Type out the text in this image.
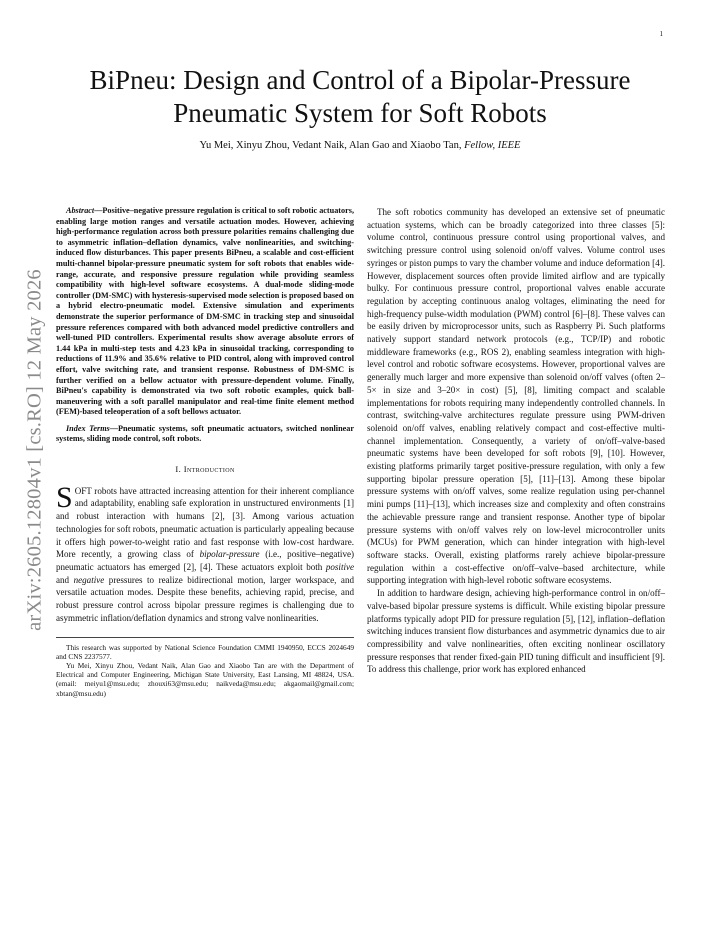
1
arXiv:2605.12804v1 [cs.RO] 12 May 2026
BiPneu: Design and Control of a Bipolar-Pressure Pneumatic System for Soft Robots
Yu Mei, Xinyu Zhou, Vedant Naik, Alan Gao and Xiaobo Tan, Fellow, IEEE

Abstract—Positive–negative pressure regulation is critical to soft robotic actuators, enabling large motion ranges and versatile actuation modes. However, achieving high-performance regulation across both pressure polarities remains challenging due to asymmetric inflation–deflation dynamics, valve nonlinearities, and switching-induced flow disturbances. This paper presents BiPneu, a scalable and cost-efficient multi-channel bipolar-pressure pneumatic system for soft robots that enables wide-range, accurate, and responsive pressure regulation while providing seamless compatibility with high-level software ecosystems. A dual-mode sliding-mode controller (DM-SMC) with hysteresis-supervised mode selection is proposed based on a hybrid electro-pneumatic model. Extensive simulation and experiments demonstrate the superior performance of DM-SMC in tracking step and sinusoidal pressure references compared with both advanced model predictive controllers and well-tuned PID controllers. Experimental results show average absolute errors of 1.44 kPa in multi-step tests and 4.23 kPa in sinusoidal tracking, corresponding to reductions of 11.9% and 35.6% relative to PID control, along with improved control effort, valve switching rate, and transient response. Robustness of DM-SMC is further verified on a bellow actuator with pressure-dependent volume. Finally, BiPneu's capability is demonstrated via two soft robotic examples, quick ball-maneuvering with a soft parallel manipulator and real-time finite element method (FEM)-based teleoperation of a soft bellows actuator.

Index Terms—Pneumatic systems, soft pneumatic actuators, switched nonlinear systems, sliding mode control, soft robots.

I. Introduction

SOFT robots have attracted increasing attention for their inherent compliance and adaptability, enabling safe exploration in unstructured environments [1] and robust interaction with humans [2], [3]. Among various actuation technologies for soft robots, pneumatic actuation is particularly appealing because it offers high power-to-weight ratio and fast response with low-cost hardware. More recently, a growing class of bipolar-pressure (i.e., positive–negative) pneumatic actuators has emerged [2], [4]. These actuators exploit both positive and negative pressures to realize bidirectional motion, larger workspace, and versatile actuation modes. Despite these benefits, achieving rapid, precise, and robust pressure control across bipolar pressure regimes is challenging due to asymmetric inflation/deflation dynamics and strong valve nonlinearities.

This research was supported by National Science Foundation CMMI 1940950, ECCS 2024649 and CNS 2237577.

Yu Mei, Xinyu Zhou, Vedant Naik, Alan Gao and Xiaobo Tan are with the Department of Electrical and Computer Engineering, Michigan State University, East Lansing, MI 48824, USA. (email: meiyu1@msu.edu; zhouxi63@msu.edu; naikveda@msu.edu; akgaomail@gmail.com; xbtan@msu.edu)

The soft robotics community has developed an extensive set of pneumatic actuation systems, which can be broadly categorized into three classes [5]: volume control, continuous pressure control using proportional valves, and switching pressure control using solenoid on/off valves. Volume control uses syringes or piston pumps to vary the chamber volume and induce deformation [4]. However, displacement sources often provide limited airflow and are typically bulky. For continuous pressure control, proportional valves enable accurate regulation by accepting continuous analog voltages, eliminating the need for high-frequency pulse-width modulation (PWM) control [6]–[8]. These valves can be easily driven by microprocessor units, such as Raspberry Pi. Such platforms natively support standard network protocols (e.g., TCP/IP) and robotic middleware frameworks (e.g., ROS 2), enabling seamless integration with high-level control and robotic software ecosystems. However, proportional valves are generally much larger and more expensive than solenoid on/off valves (often 2–5× in size and 3–20× in cost) [5], [8], limiting compact and scalable implementations for robots requiring many independently controlled channels. In contrast, switching-valve architectures regulate pressure using PWM-driven solenoid on/off valves, enabling relatively compact and cost-effective multi-channel implementation. Consequently, a variety of on/off–valve-based pneumatic systems have been developed for soft robots [9], [10]. However, existing platforms primarily target positive-pressure regulation, with only a few supporting bipolar pressure operation [5], [11]–[13]. Among these bipolar pressure systems with on/off valves, some realize regulation using per-channel mini pumps [11]–[13], which increases size and complexity and often constrains the achievable pressure range and transient response. Another type of bipolar pressure systems with on/off valves rely on low-level microcontroller units (MCUs) for PWM generation, which can hinder integration with high-level software stacks. Overall, existing platforms rarely achieve bipolar-pressure regulation within a cost-effective on/off–valve–based architecture, while supporting integration with high-level robotic software ecosystems.

In addition to hardware design, achieving high-performance control in on/off–valve-based bipolar pressure systems is difficult. While existing bipolar pressure platforms typically adopt PID for pressure regulation [5], [12], inflation–deflation switching induces transient flow disturbances and asymmetric dynamics due to air compressibility and valve nonlinearities, often exciting nonlinear oscillatory pressure responses that render fixed-gain PID tuning difficult and insufficient [9]. To address this challenge, prior work has explored enhanced
